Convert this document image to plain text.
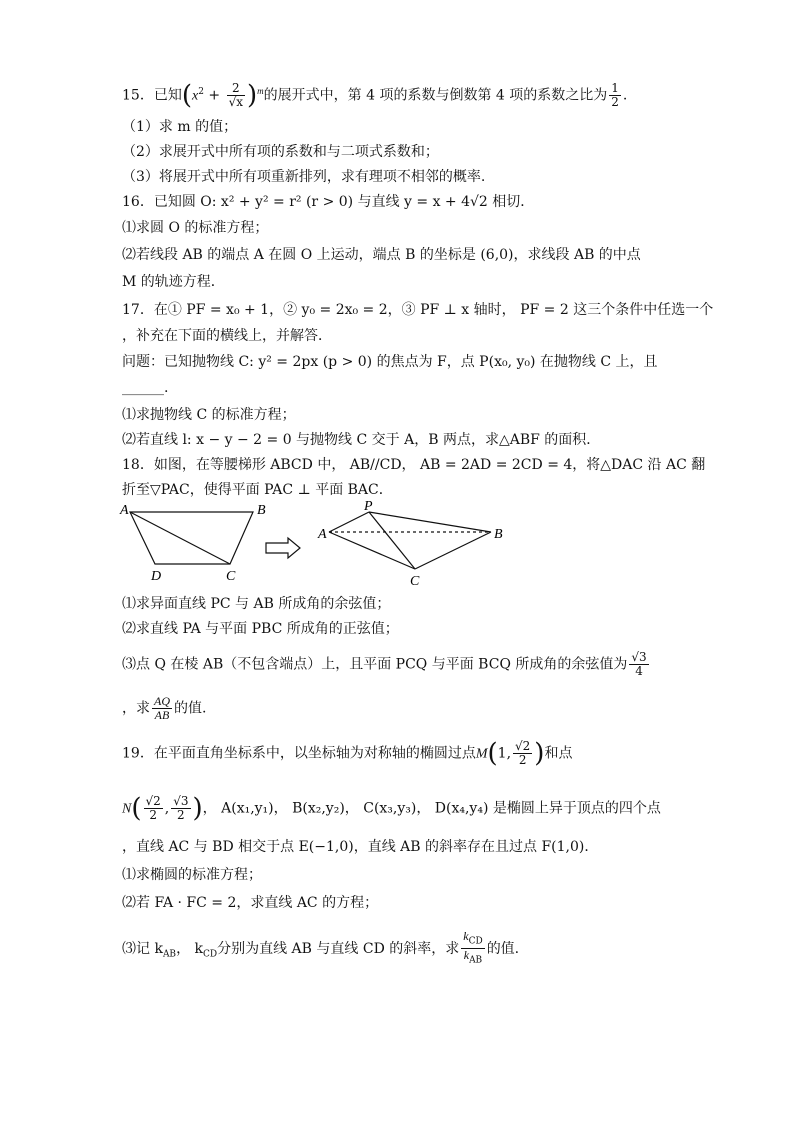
15．已知$(x^2 + \frac{2}{√x} )^m$的展开式中，第 4 项的系数与倒数第 4 项的系数之比为 $\frac{1}{2}$ .
（1）求 m 的值；
（2）求展开式中所有项的系数和与二项式系数和；
（3）将展开式中所有项重新排列，求有理项不相邻的概率.
16．已知圆 O: x² + y² = r² (r > 0) 与直线 y = x + 4√2 相切．
⑴求圆 O 的标准方程；
⑵若线段 AB 的端点 A 在圆 O 上运动，端点 B 的坐标是 (6,0)，求线段 AB 的中点
M 的轨迹方程．
17．在① PF = x₀ + 1，② y₀ = 2x₀ = 2，③ PF ⊥ x 轴时， PF = 2 这三个条件中任选一个
，补充在下面的横线上，并解答．
问题：已知抛物线 C: y² = 2px (p > 0) 的焦点为 F，点 P(x₀, y₀) 在抛物线 C 上，且
______.
⑴求抛物线 C 的标准方程；
⑵若直线 l: x − y − 2 = 0 与抛物线 C 交于 A，B 两点，求△ABF 的面积．
18．如图，在等腰梯形 ABCD 中， AB//CD， AB = 2AD = 2CD = 4，将△DAC 沿 AC 翻
折至▽PAC，使得平面 PAC ⊥ 平面 BAC．
A	B
D	C
P
A	B
C
⑴求异面直线 PC 与 AB 所成角的余弦值；
⑵求直线 PA 与平面 PBC 所成角的正弦值；
⑶点 Q 在棱 AB（不包含端点）上，且平面 PCQ 与平面 BCQ 所成角的余弦值为 $\frac{√3}{4}$
，求 $\frac{AQ}{AB}$ 的值.
19．在平面直角坐标系中，以坐标轴为对称轴的椭圆过点M(1, $\frac{√2}{2}$ )和点
$N( \frac{√2}{2}$ , $\frac{√3}{2}$ )， A(x₁,y₁)， B(x₂,y₂)， C(x₃,y₃)， D(x₄,y₄) 是椭圆上异于顶点的四个点
，直线 AC 与 BD 相交于点 E(−1,0)，直线 AB 的斜率存在且过点 F(1,0)．
⑴求椭圆的标准方程；
⑵若 FA · FC = 2，求直线 AC 的方程；
⑶记 $k_{AB}$， $k_{CD}$分别为直线 AB 与直线 CD 的斜率，求 $\frac{k_{CD}}{k_{AB}}$ 的值.
